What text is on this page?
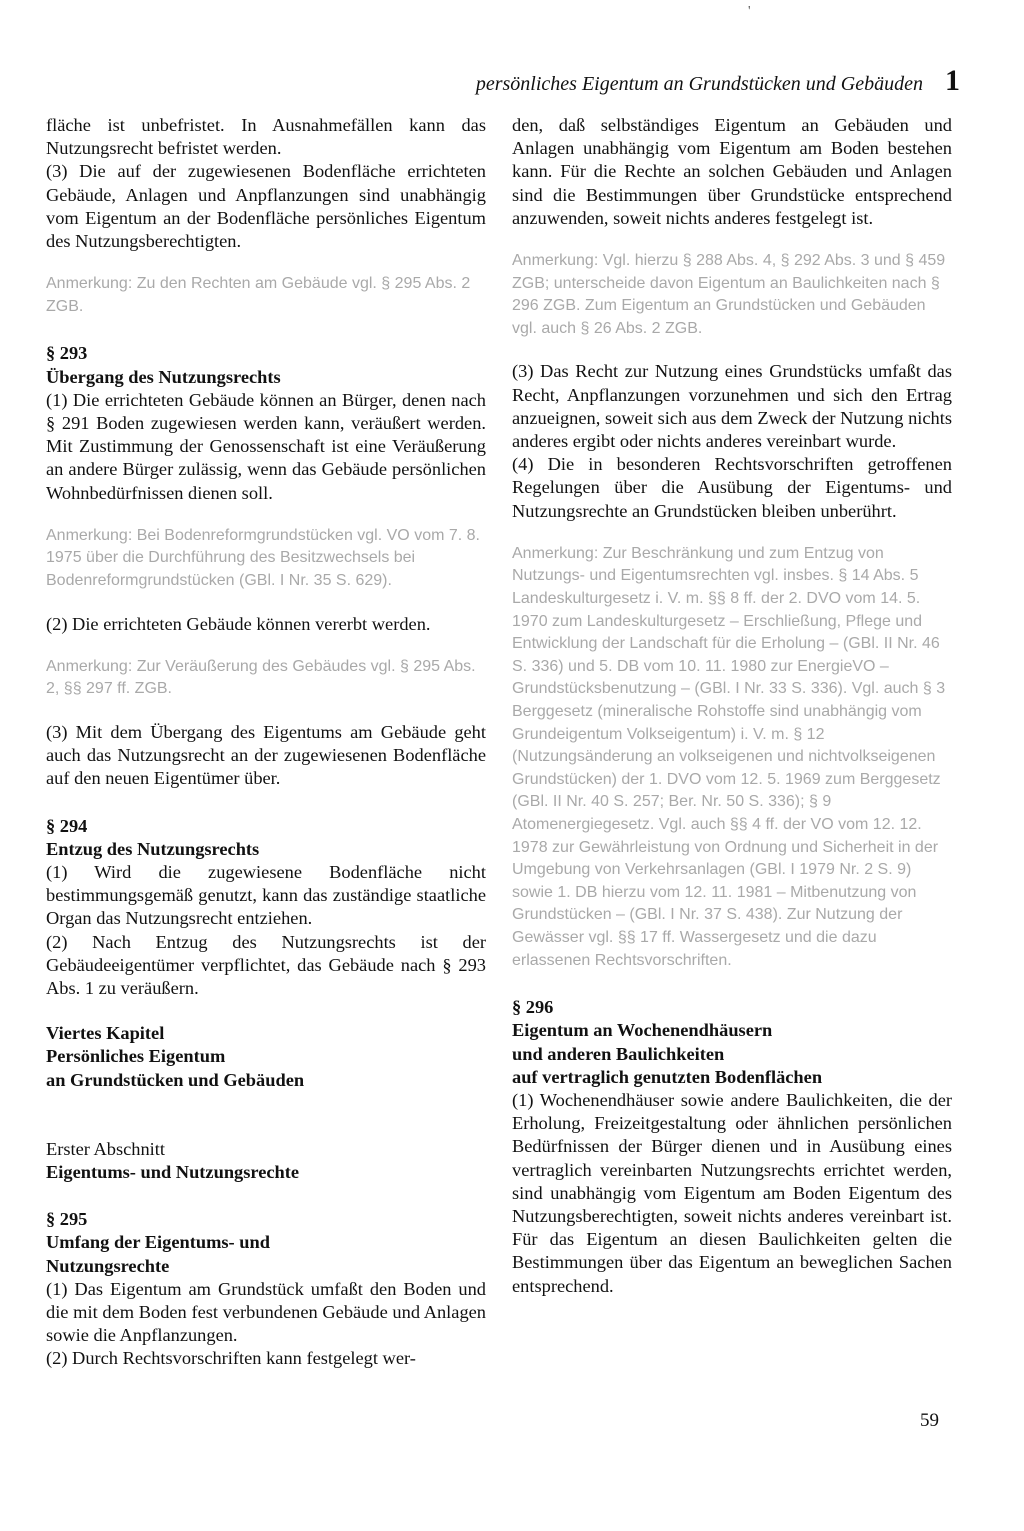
'
persönliches Eigentum an Grundstücken und Gebäuden 1

fläche ist unbefristet. In Ausnahmefällen kann das Nutzungsrecht befristet werden.

(3) Die auf der zugewiesenen Bodenfläche errichteten Gebäude, Anlagen und Anpflanzungen sind unabhängig vom Eigentum an der Bodenfläche persönliches Eigentum des Nutzungsberechtigten.

Anmerkung: Zu den Rechten am Gebäude vgl. § 295 Abs. 2 ZGB.

§ 293

Übergang des Nutzungsrechts

(1) Die errichteten Gebäude können an Bürger, denen nach § 291 Boden zugewiesen werden kann, veräußert werden. Mit Zustimmung der Genossenschaft ist eine Veräußerung an andere Bürger zulässig, wenn das Gebäude persönlichen Wohnbedürfnissen dienen soll.

Anmerkung: Bei Bodenreformgrundstücken vgl. VO vom 7. 8. 1975 über die Durchführung des Besitzwechsels bei Bodenreformgrundstücken (GBl. I Nr. 35 S. 629).

(2) Die errichteten Gebäude können vererbt werden.

Anmerkung: Zur Veräußerung des Gebäudes vgl. § 295 Abs. 2, §§ 297 ff. ZGB.

(3) Mit dem Übergang des Eigentums am Gebäude geht auch das Nutzungsrecht an der zugewiesenen Bodenfläche auf den neuen Eigentümer über.

§ 294

Entzug des Nutzungsrechts

(1) Wird die zugewiesene Bodenfläche nicht bestimmungsgemäß genutzt, kann das zuständige staatliche Organ das Nutzungsrecht entziehen.

(2) Nach Entzug des Nutzungsrechts ist der Gebäudeeigentümer verpflichtet, das Gebäude nach § 293 Abs. 1 zu veräußern.

Viertes Kapitel

Persönliches Eigentum

an Grundstücken und Gebäuden

Erster Abschnitt

Eigentums- und Nutzungsrechte

§ 295

Umfang der Eigentums- und

Nutzungsrechte

(1) Das Eigentum am Grundstück umfaßt den Boden und die mit dem Boden fest verbundenen Gebäude und Anlagen sowie die Anpflanzungen.

(2) Durch Rechtsvorschriften kann festgelegt wer-

den, daß selbständiges Eigentum an Gebäuden und Anlagen unabhängig vom Eigentum am Boden bestehen kann. Für die Rechte an solchen Gebäuden und Anlagen sind die Bestimmungen über Grundstücke entsprechend anzuwenden, soweit nichts anderes festgelegt ist.

Anmerkung: Vgl. hierzu § 288 Abs. 4, § 292 Abs. 3 und § 459 ZGB; unterscheide davon Eigentum an Baulichkeiten nach § 296 ZGB. Zum Eigentum an Grundstücken und Gebäuden vgl. auch § 26 Abs. 2 ZGB.

(3) Das Recht zur Nutzung eines Grundstücks umfaßt das Recht, Anpflanzungen vorzunehmen und sich den Ertrag anzueignen, soweit sich aus dem Zweck der Nutzung nichts anderes ergibt oder nichts anderes vereinbart wurde.

(4) Die in besonderen Rechtsvorschriften getroffenen Regelungen über die Ausübung der Eigentums- und Nutzungsrechte an Grundstücken bleiben unberührt.

Anmerkung: Zur Beschränkung und zum Entzug von Nutzungs- und Eigentumsrechten vgl. insbes. § 14 Abs. 5 Landeskulturgesetz i. V. m. §§ 8 ff. der 2. DVO vom 14. 5. 1970 zum Landeskulturgesetz – Erschließung, Pflege und Entwicklung der Landschaft für die Erholung – (GBl. II Nr. 46 S. 336) und 5. DB vom 10. 11. 1980 zur EnergieVO – Grundstücksbenutzung – (GBl. I Nr. 33 S. 336). Vgl. auch § 3 Berggesetz (mineralische Rohstoffe sind unabhängig vom Grundeigentum Volkseigentum) i. V. m. § 12 (Nutzungsänderung an volkseigenen und nichtvolkseigenen Grundstücken) der 1. DVO vom 12. 5. 1969 zum Berggesetz (GBl. II Nr. 40 S. 257; Ber. Nr. 50 S. 336); § 9 Atomenergiegesetz. Vgl. auch §§ 4 ff. der VO vom 12. 12. 1978 zur Gewährleistung von Ordnung und Sicherheit in der Umgebung von Verkehrsanlagen (GBl. I 1979 Nr. 2 S. 9) sowie 1. DB hierzu vom 12. 11. 1981 – Mitbenutzung von Grundstücken – (GBl. I Nr. 37 S. 438). Zur Nutzung der Gewässer vgl. §§ 17 ff. Wassergesetz und die dazu erlassenen Rechtsvorschriften.

§ 296

Eigentum an Wochenendhäusern

und anderen Baulichkeiten

auf vertraglich genutzten Bodenflächen

(1) Wochenendhäuser sowie andere Baulichkeiten, die der Erholung, Freizeitgestaltung oder ähnlichen persönlichen Bedürfnissen der Bürger dienen und in Ausübung eines vertraglich vereinbarten Nutzungsrechts errichtet werden, sind unabhängig vom Eigentum am Boden Eigentum des Nutzungsberechtigten, soweit nichts anderes vereinbart ist. Für das Eigentum an diesen Baulichkeiten gelten die Bestimmungen über das Eigentum an beweglichen Sachen entsprechend.

59
